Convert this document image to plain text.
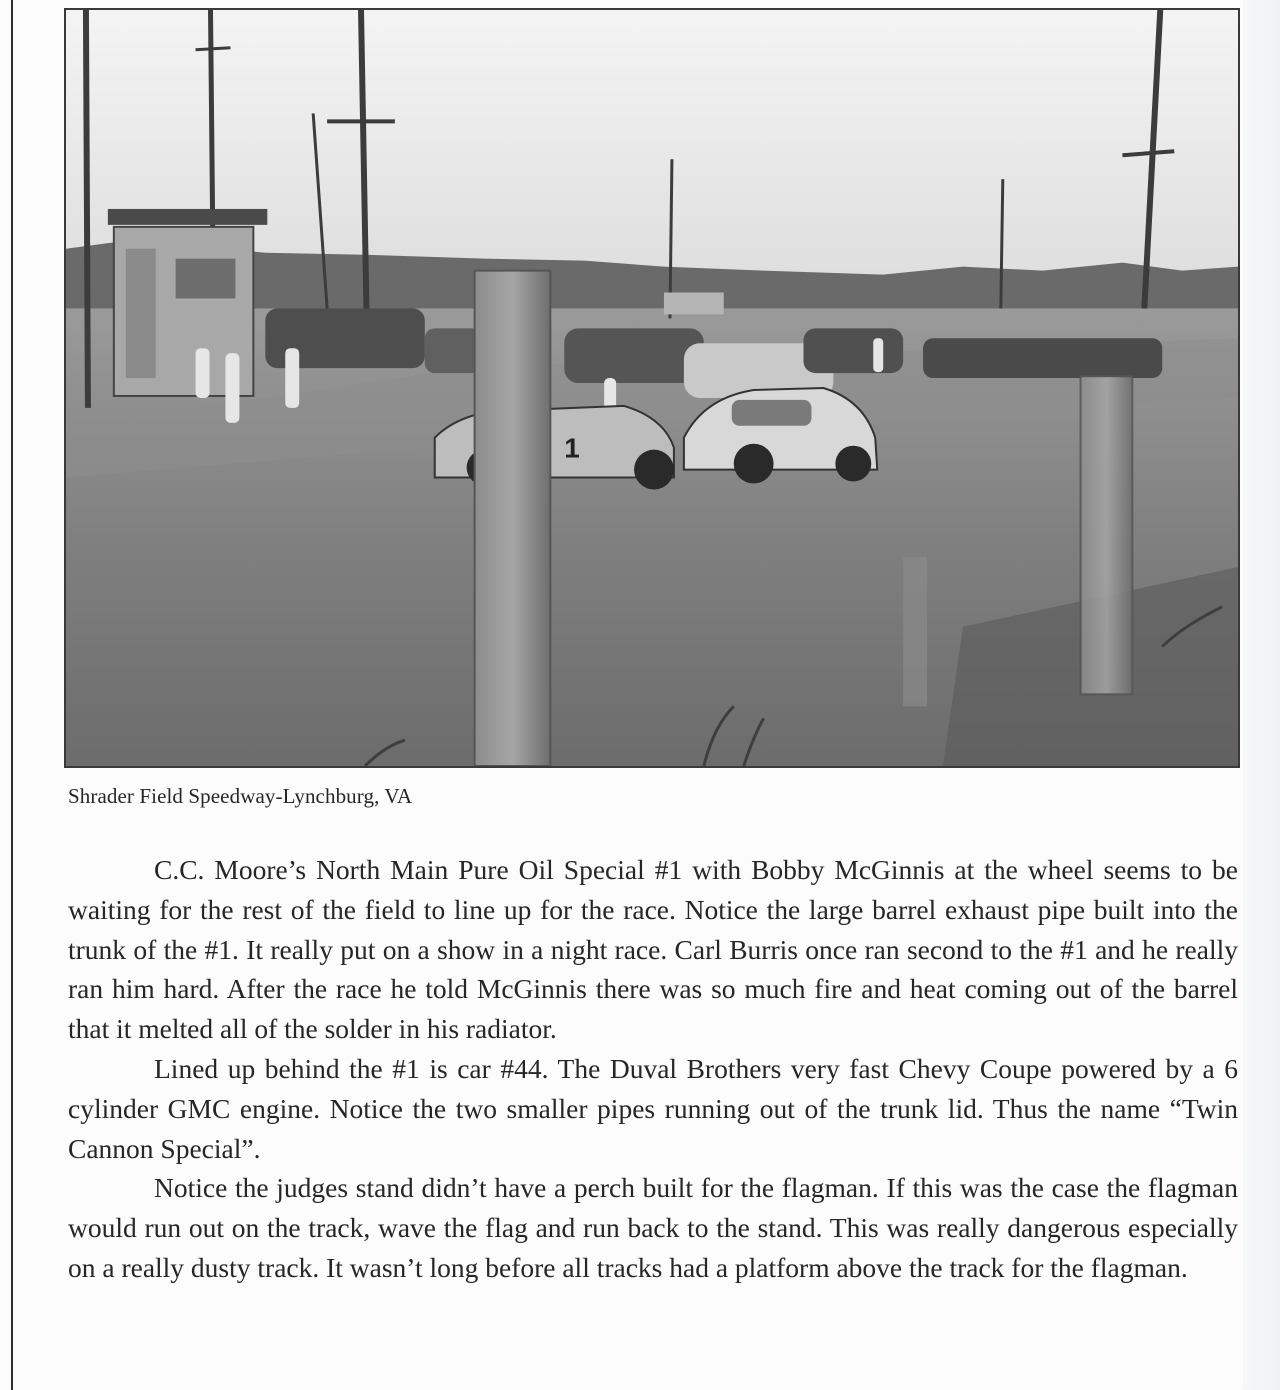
1
Shrader Field Speedway-Lynchburg, VA

C.C. Moore’s North Main Pure Oil Special #1 with Bobby McGinnis at the wheel seems to be waiting for the rest of the field to line up for the race. Notice the large barrel exhaust pipe built into the trunk of the #1. It really put on a show in a night race. Carl Burris once ran second to the #1 and he really ran him hard. After the race he told McGinnis there was so much fire and heat coming out of the barrel that it melted all of the solder in his radiator.

Lined up behind the #1 is car #44. The Duval Brothers very fast Chevy Coupe powered by a 6 cylinder GMC engine. Notice the two smaller pipes running out of the trunk lid. Thus the name “Twin Cannon Special”.

Notice the judges stand didn’t have a perch built for the flagman. If this was the case the flagman would run out on the track, wave the flag and run back to the stand. This was really dangerous especially on a really dusty track. It wasn’t long before all tracks had a platform above the track for the flagman.
